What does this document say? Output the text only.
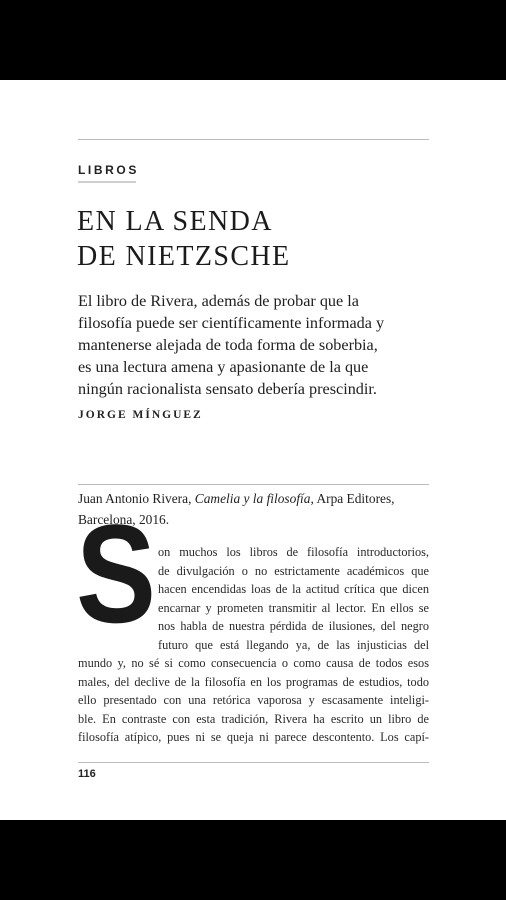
LIBROS
EN LA SENDA
DE NIETZSCHE
El libro de Rivera, además de probar que la
filosofía puede ser científicamente informada y
mantenerse alejada de toda forma de soberbia,
es una lectura amena y apasionante de la que
ningún racionalista sensato debería prescindir.
JORGE MÍNGUEZ
Juan Antonio Rivera, Camelia y la filosofía, Arpa Editores,
Barcelona, 2016.
S on muchos los libros de filosofía introductorios,
de divulgación o no estrictamente académicos que
hacen encendidas loas de la actitud crítica que dicen
encarnar y prometen transmitir al lector. En ellos se
nos habla de nuestra pérdida de ilusiones, del negro
futuro que está llegando ya, de las injusticias del
mundo y, no sé si como consecuencia o como causa de todos esos
males, del declive de la filosofía en los programas de estudios, todo
ello presentado con una retórica vaporosa y escasamente inteligi-
ble. En contraste con esta tradición, Rivera ha escrito un libro de
filosofía atípico, pues ni se queja ni parece descontento. Los capí-
116
